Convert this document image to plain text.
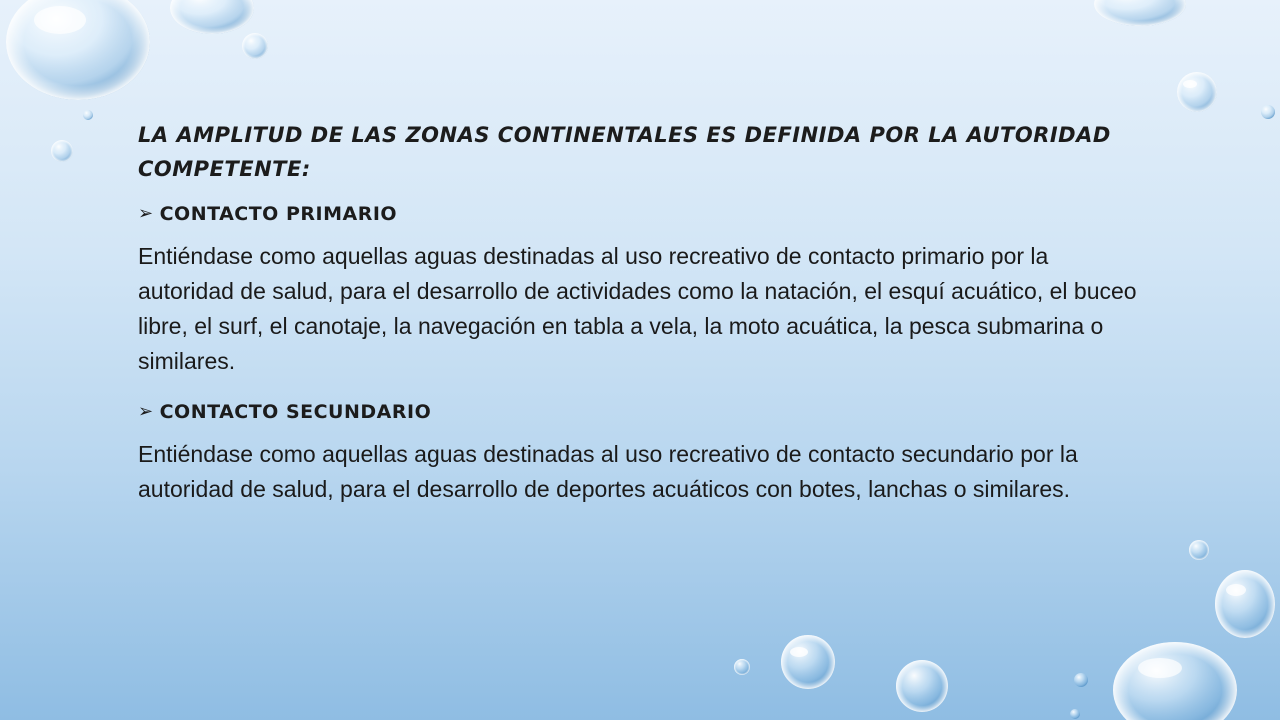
LA AMPLITUD DE LAS ZONAS CONTINENTALES ES DEFINIDA POR LA AUTORIDAD COMPETENTE:

➢ CONTACTO PRIMARIO

Entiéndase como aquellas aguas destinadas al uso recreativo de contacto primario por la autoridad de salud, para el desarrollo de actividades como la natación, el esquí acuático, el buceo libre, el surf, el canotaje, la navegación en tabla a vela, la moto acuática, la pesca submarina o similares.

➢ CONTACTO SECUNDARIO

Entiéndase como aquellas aguas destinadas al uso recreativo de contacto secundario por la autoridad de salud, para el desarrollo de deportes acuáticos con botes, lanchas o similares.
